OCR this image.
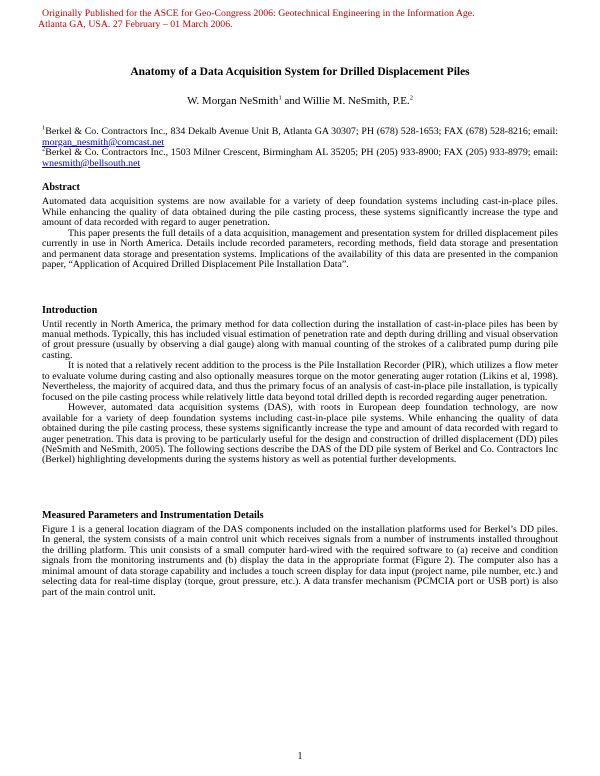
Originally Published for the ASCE for Geo-Congress 2006: Geotechnical Engineering in the Information Age.
Atlanta GA, USA. 27 February – 01 March 2006.
Anatomy of a Data Acquisition System for Drilled Displacement Piles
W. Morgan NeSmith$^1$ and Willie M. NeSmith, P.E.$^2$

$^1$Berkel & Co. Contractors Inc., 834 Dekalb Avenue Unit B, Atlanta GA 30307; PH (678) 528-1653; FAX (678) 528-8216; email: morgan_nesmith@comcast.net

$^2$Berkel & Co. Contractors Inc., 1503 Milner Crescent, Birmingham AL 35205; PH (205) 933-8900; FAX (205) 933-8979; email: wnesmith@bellsouth.net

Abstract

Automated data acquisition systems are now available for a variety of deep foundation systems including cast-in-place piles. While enhancing the quality of data obtained during the pile casting process, these systems significantly increase the type and amount of data recorded with regard to auger penetration.

This paper presents the full details of a data acquisition, management and presentation system for drilled displacement piles currently in use in North America. Details include recorded parameters, recording methods, field data storage and presentation and permanent data storage and presentation systems. Implications of the availability of this data are presented in the companion paper, “Application of Acquired Drilled Displacement Pile Installation Data”.

Introduction

Until recently in North America, the primary method for data collection during the installation of cast-in-place piles has been by manual methods. Typically, this has included visual estimation of penetration rate and depth during drilling and visual observation of grout pressure (usually by observing a dial gauge) along with manual counting of the strokes of a calibrated pump during pile casting.

It is noted that a relatively recent addition to the process is the Pile Installation Recorder (PIR), which utilizes a flow meter to evaluate volume during casting and also optionally measures torque on the motor generating auger rotation (Likins et al, 1998). Nevertheless, the majority of acquired data, and thus the primary focus of an analysis of cast-in-place pile installation, is typically focused on the pile casting process while relatively little data beyond total drilled depth is recorded regarding auger penetration.

However, automated data acquisition systems (DAS), with roots in European deep foundation technology, are now available for a variety of deep foundation systems including cast-in-place pile systems. While enhancing the quality of data obtained during the pile casting process, these systems significantly increase the type and amount of data recorded with regard to auger penetration. This data is proving to be particularly useful for the design and construction of drilled displacement (DD) piles (NeSmith and NeSmith, 2005). The following sections describe the DAS of the DD pile system of Berkel and Co. Contractors Inc (Berkel) highlighting developments during the systems history as well as potential further developments.

Measured Parameters and Instrumentation Details

Figure 1 is a general location diagram of the DAS components included on the installation platforms used for Berkel’s DD piles. In general, the system consists of a main control unit which receives signals from a number of instruments installed throughout the drilling platform. This unit consists of a small computer hard-wired with the required software to (a) receive and condition signals from the monitoring instruments and (b) display the data in the appropriate format (Figure 2). The computer also has a minimal amount of data storage capability and includes a touch screen display for data input (project name, pile number, etc.) and selecting data for real-time display (torque, grout pressure, etc.). A data transfer mechanism (PCMCIA port or USB port) is also part of the main control unit.

1
